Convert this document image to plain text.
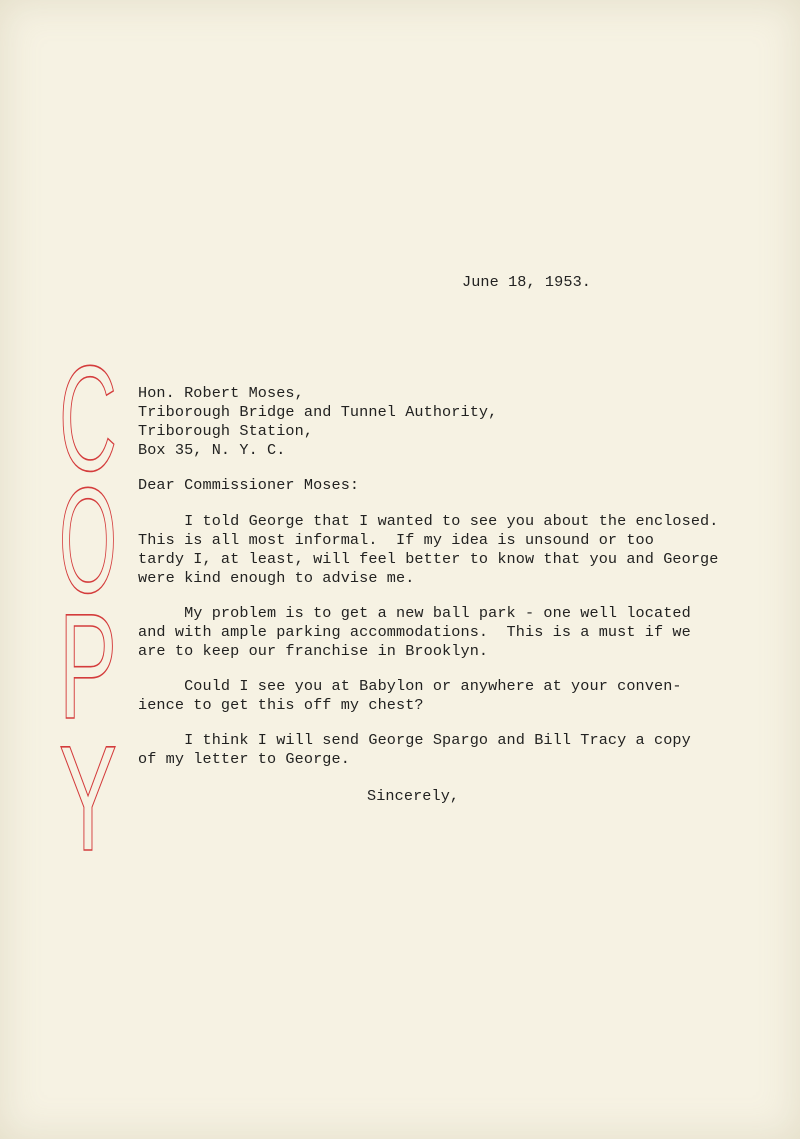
C
O
P
Y
June 18, 1953.
Hon. Robert Moses,
Triborough Bridge and Tunnel Authority,
Triborough Station,
Box 35, N. Y. C.
Dear Commissioner Moses:
I told George that I wanted to see you about the enclosed.
This is all most informal.  If my idea is unsound or too
tardy I, at least, will feel better to know that you and George
were kind enough to advise me.
My problem is to get a new ball park - one well located
and with ample parking accommodations.  This is a must if we
are to keep our franchise in Brooklyn.
Could I see you at Babylon or anywhere at your conven-
ience to get this off my chest?
I think I will send George Spargo and Bill Tracy a copy
of my letter to George.
Sincerely,
